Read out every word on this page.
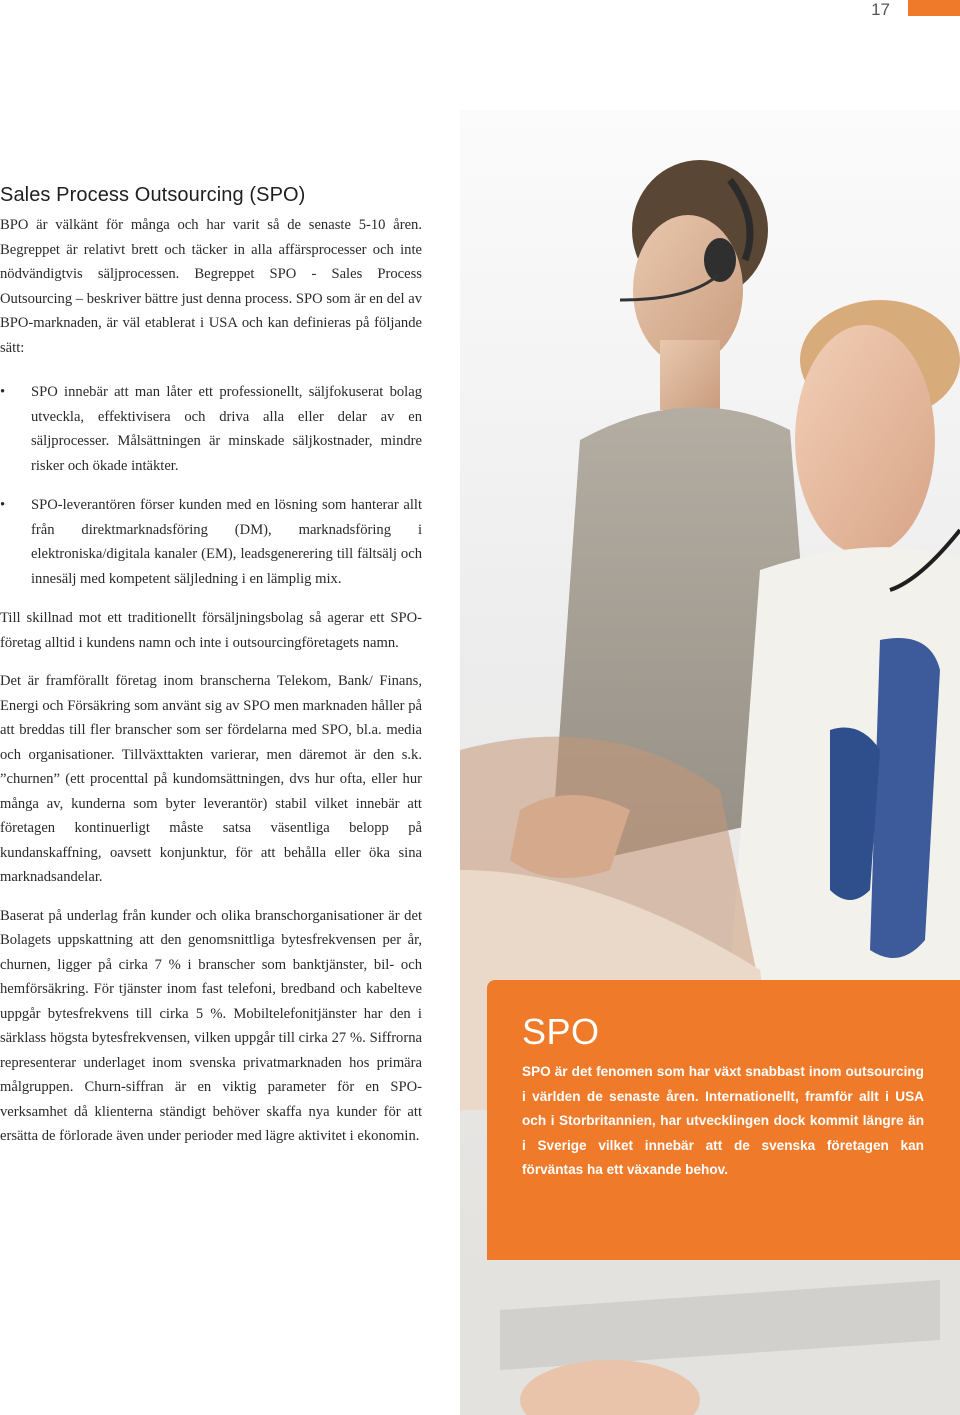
17
Sales Process Outsourcing (SPO)

BPO är välkänt för många och har varit så de senaste 5-10 åren. Begreppet är relativt brett och täcker in alla affärsprocesser och inte nödvändigtvis säljprocessen. Begreppet SPO - Sales Process Outsourcing – beskriver bättre just denna process. SPO som är en del av BPO-marknaden, är väl etablerat i USA och kan definieras på följande sätt:

• SPO innebär att man låter ett professionellt, säljfokuserat bolag utveckla, effektivisera och driva alla eller delar av en säljprocesser. Målsättningen är minskade säljkostnader, mindre risker och ökade intäkter.
• SPO-leverantören förser kunden med en lösning som hanterar allt från direktmarknadsföring (DM), marknadsföring i elektroniska/digitala kanaler (EM), leadsgenerering till fältsälj och innesälj med kompetent säljledning i en lämplig mix.

Till skillnad mot ett traditionellt försäljningsbolag så agerar ett SPO-företag alltid i kundens namn och inte i outsourcingföretagets namn.

Det är framförallt företag inom branscherna Telekom, Bank/ Finans, Energi och Försäkring som använt sig av SPO men marknaden håller på att breddas till fler branscher som ser fördelarna med SPO, bl.a. media och organisationer. Tillväxttakten varierar, men däremot är den s.k. ”churnen” (ett procenttal på kundomsättningen, dvs hur ofta, eller hur många av, kunderna som byter leverantör) stabil vilket innebär att företagen kontinuerligt måste satsa väsentliga belopp på kundanskaffning, oavsett konjunktur, för att behålla eller öka sina marknadsandelar.

Baserat på underlag från kunder och olika branschorganisationer är det Bolagets uppskattning att den genomsnittliga bytesfrekvensen per år, churnen, ligger på cirka 7 % i branscher som banktjänster, bil- och hemförsäkring. För tjänster inom fast telefoni, bredband och kabelteve uppgår bytesfrekvens till cirka 5 %. Mobiltelefonitjänster har den i särklass högsta bytesfrekvensen, vilken uppgår till cirka 27 %. Siffrorna representerar underlaget inom svenska privatmarknaden hos primära målgruppen. Churn-siffran är en viktig parameter för en SPO-verksamhet då klienterna ständigt behöver skaffa nya kunder för att ersätta de förlorade även under perioder med lägre aktivitet i ekonomin.

SPO

SPO är det fenomen som har växt snabbast inom outsourcing i världen de senaste åren. Internationellt, framför allt i USA och i Storbritannien, har utvecklingen dock kommit längre än i Sverige vilket innebär att de svenska företagen kan förväntas ha ett växande behov.
